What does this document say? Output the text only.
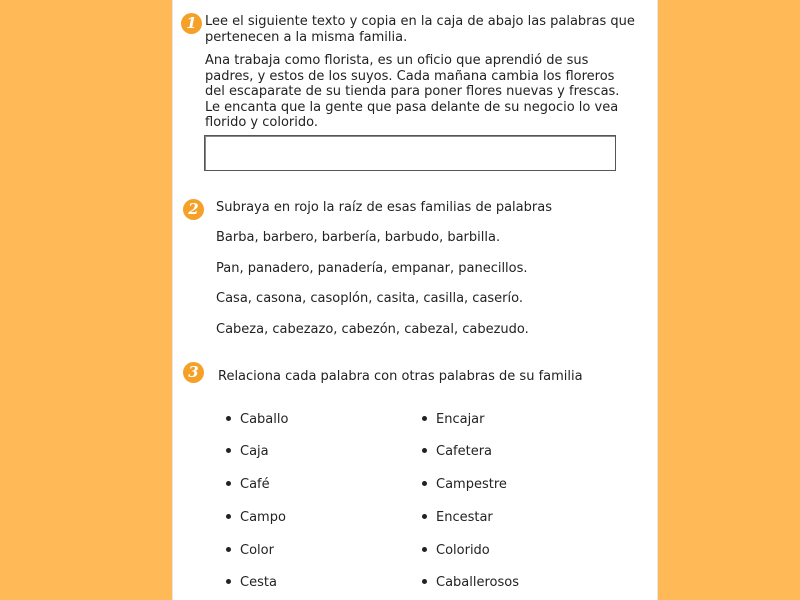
1 Lee el siguiente texto y copia en la caja de abajo las palabras que pertenecen a la misma familia.
Ana trabaja como florista, es un oficio que aprendió de sus padres, y estos de los suyos. Cada mañana cambia los floreros del escaparate de su tienda para poner flores nuevas y frescas. Le encanta que la gente que pasa delante de su negocio lo vea florido y colorido.
2	Subraya en rojo la raíz de esas familias de palabras
Barba, barbero, barbería, barbudo, barbilla.
Pan, panadero, panadería, empanar, panecillos.
Casa, casona, casoplón, casita, casilla, caserío.
Cabeza, cabezazo, cabezón, cabezal, cabezudo.
3	Relaciona cada palabra con otras palabras de su familia
Caballo
Caja
Café
Campo
Color
Cesta
Encajar
Cafetera
Campestre
Encestar
Colorido
Caballerosos
